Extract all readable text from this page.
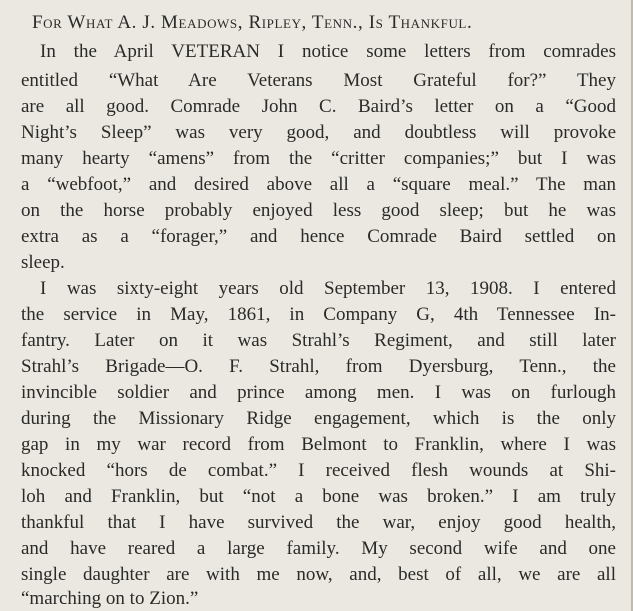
For What A. J. Meadows, Ripley, Tenn., Is Thankful.
In the April VETERAN I notice some letters from comrades
entitled “What Are Veterans Most Grateful for?” They
are all good. Comrade John C. Baird’s letter on a “Good
Night’s Sleep” was very good, and doubtless will provoke
many hearty “amens” from the “critter companies;” but I was
a “webfoot,” and desired above all a “square meal.” The man
on the horse probably enjoyed less good sleep; but he was
extra as a “forager,” and hence Comrade Baird settled on
sleep.
I was sixty-eight years old September 13, 1908. I entered
the service in May, 1861, in Company G, 4th Tennessee In-
fantry. Later on it was Strahl’s Regiment, and still later
Strahl’s Brigade—O. F. Strahl, from Dyersburg, Tenn., the
invincible soldier and prince among men. I was on furlough
during the Missionary Ridge engagement, which is the only
gap in my war record from Belmont to Franklin, where I was
knocked “hors de combat.” I received flesh wounds at Shi-
loh and Franklin, but “not a bone was broken.” I am truly
thankful that I have survived the war, enjoy good health,
and have reared a large family. My second wife and one
single daughter are with me now, and, best of all, we are all
“marching on to Zion.”
